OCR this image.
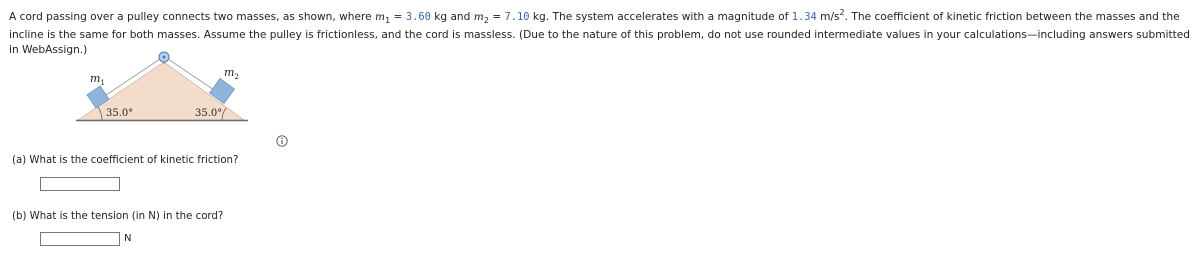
A cord passing over a pulley connects two masses, as shown, where $m_1 = 3.60$ kg and $m_2 = 7.10$ kg. The system accelerates with a magnitude of 1.34 $m/s^2$. The coefficient of kinetic friction between the masses and the incline is the same for both masses. Assume the pulley is frictionless, and the cord is massless. (Due to the nature of this problem, do not use rounded intermediate values in your calculations—including answers submitted in WebAssign.)
$m_1$
$m_2$
35.0°	35.0°
(a) What is the coefficient of kinetic friction?
(b) What is the tension (in N) in the cord?
N
